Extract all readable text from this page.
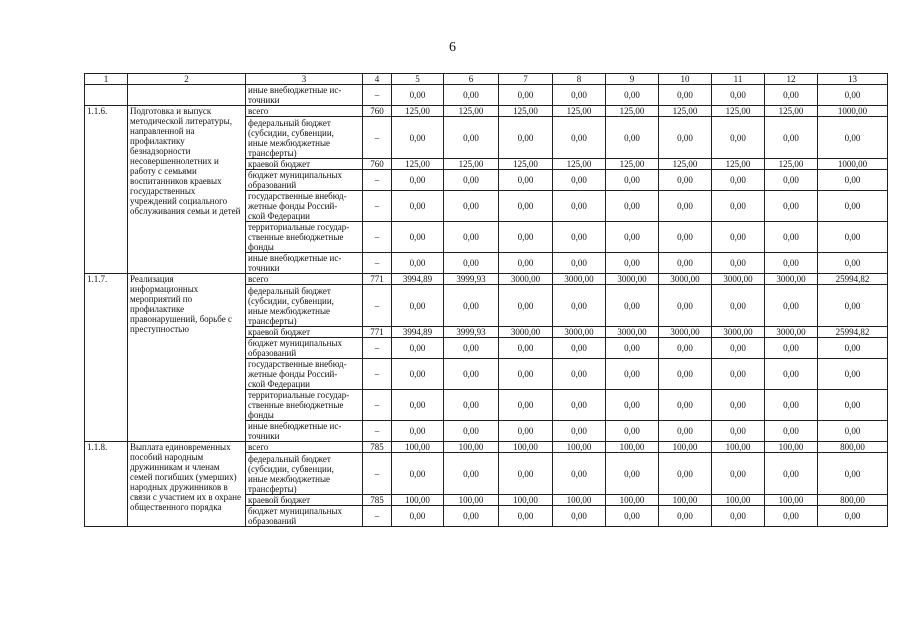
6
1	2	3	4	5	6	7	8	9	10	11	12	13
		иные внебюджетные ис-
точники	–	0,00	0,00	0,00	0,00	0,00	0,00	0,00	0,00	0,00
1.1.6.	Подготовка и выпуск методической литературы, направленной на профилактику безнадзорности несовершеннолетних и работу с семьями воспитанников краевых государственных учреждений социального обслуживания семьи и детей	всего	760	125,00	125,00	125,00	125,00	125,00	125,00	125,00	125,00	1000,00
		федеральный бюджет
(субсидии, субвенции,
иные межбюджетные
трансферты)	–	0,00	0,00	0,00	0,00	0,00	0,00	0,00	0,00	0,00
		краевой бюджет	760	125,00	125,00	125,00	125,00	125,00	125,00	125,00	125,00	1000,00
		бюджет муниципальных
образований	–	0,00	0,00	0,00	0,00	0,00	0,00	0,00	0,00	0,00
		государственные внебюд-
жетные фонды Россий-
ской Федерации	–	0,00	0,00	0,00	0,00	0,00	0,00	0,00	0,00	0,00
		территориальные государ-
ственные внебюджетные
фонды	–	0,00	0,00	0,00	0,00	0,00	0,00	0,00	0,00	0,00
		иные внебюджетные ис-
точники	–	0,00	0,00	0,00	0,00	0,00	0,00	0,00	0,00	0,00
1.1.7.	Реализация информационных мероприятий по профилактике правонарушений, борьбе с преступностью	всего	771	3994,89	3999,93	3000,00	3000,00	3000,00	3000,00	3000,00	3000,00	25994,82
		федеральный бюджет
(субсидии, субвенции,
иные межбюджетные
трансферты)	–	0,00	0,00	0,00	0,00	0,00	0,00	0,00	0,00	0,00
		краевой бюджет	771	3994,89	3999,93	3000,00	3000,00	3000,00	3000,00	3000,00	3000,00	25994,82
		бюджет муниципальных
образований	–	0,00	0,00	0,00	0,00	0,00	0,00	0,00	0,00	0,00
		государственные внебюд-
жетные фонды Россий-
ской Федерации	–	0,00	0,00	0,00	0,00	0,00	0,00	0,00	0,00	0,00
		территориальные государ-
ственные внебюджетные
фонды	–	0,00	0,00	0,00	0,00	0,00	0,00	0,00	0,00	0,00
		иные внебюджетные ис-
точники	–	0,00	0,00	0,00	0,00	0,00	0,00	0,00	0,00	0,00
1.1.8.	Выплата единовременных пособий народным дружинникам и членам семей погибших (умерших) народных дружинников в связи с участием их в охране общественного порядка	всего	785	100,00	100,00	100,00	100,00	100,00	100,00	100,00	100,00	800,00
		федеральный бюджет
(субсидии, субвенции,
иные межбюджетные
трансферты)	–	0,00	0,00	0,00	0,00	0,00	0,00	0,00	0,00	0,00
		краевой бюджет	785	100,00	100,00	100,00	100,00	100,00	100,00	100,00	100,00	800,00
		бюджет муниципальных
образований	–	0,00	0,00	0,00	0,00	0,00	0,00	0,00	0,00	0,00
